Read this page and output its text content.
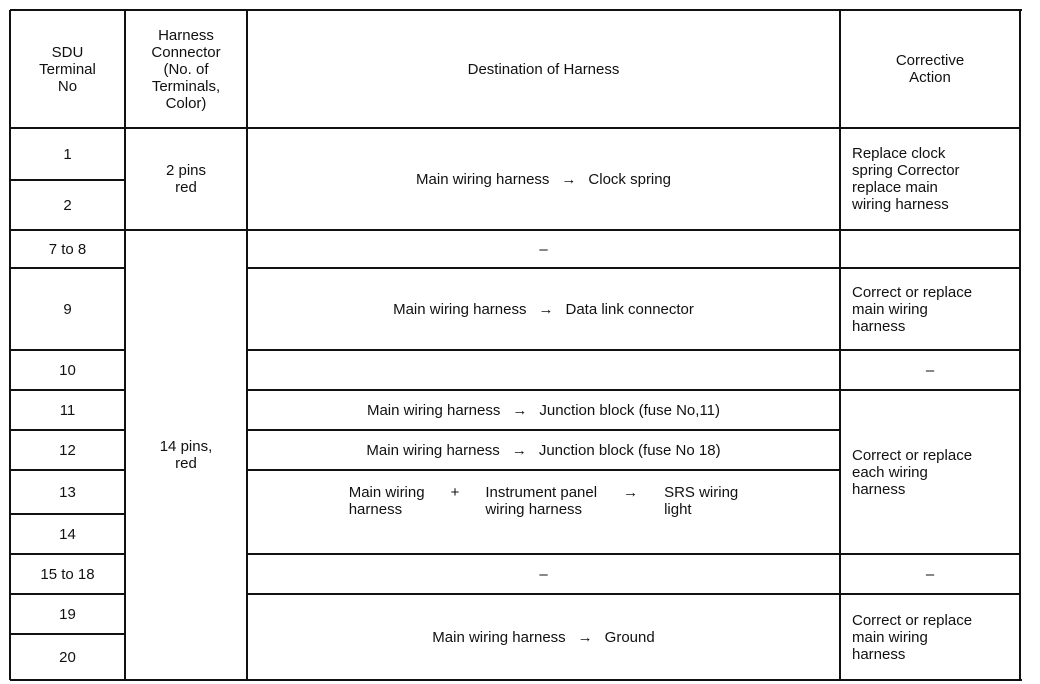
SDU
Terminal
No
Harness
Connector
(No. of
Terminals,
Color)
Destination of Harness	Corrective
Action
1
2
7 to 8
9
10
11
12
13
14
15 to 18
19
20
2 pins
red
14 pins,
red
Main wiring harness → Clock spring
–
Main wiring harness → Data link connector
Main wiring harness → Junction block (fuse No,11)
Main wiring harness → Junction block (fuse No 18)
Main wiring
harness
+ Instrument panel
wiring harness
→ SRS wiring
light
–
Main wiring harness → Ground
Replace clock
spring Corrector
replace main
wiring harness
Correct or replace
main wiring
harness
–
Correct or replace
each wiring
harness
–
Correct or replace
main wiring
harness
